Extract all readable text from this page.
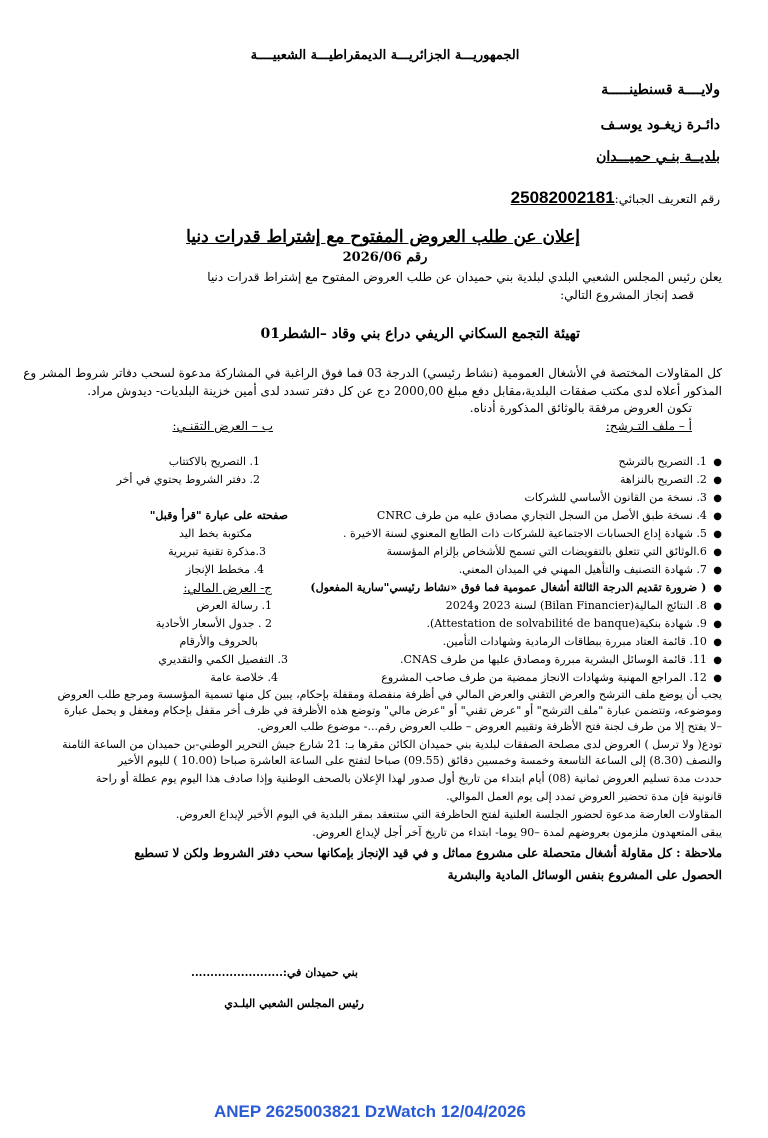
الجمهوريـــة الجزائريـــة الديمقراطيـــة الشعبيــــة
ولايــــة قسنطينـــــة
دائـرة زيغـود يوسـف
بلديــة بنـي حميـــدان
رقم التعريف الجبائي:25082002181
إعلان عن طلب العروض المفتوح مع إشتراط قدرات دنيا
رقم 2026/06
يعلن رئيس المجلس الشعبي البلدي لبلدية بني حميدان عن طلب العروض المفتوح مع إشتراط قدرات دنيا
قصد إنجاز المشروع التالي:
تهيئة التجمع السكاني الريفي دراع بني وقاد –الشطر01
كل المقاولات المختصة في الأشغال العمومية (نشاط رئيسي) الدرجة 03 فما فوق الراغبة في المشاركة مدعوة لسحب دفاتر شروط المشر وع
المذكور أعلاه لدى مكتب صفقات البلدية،مقابل دفع مبلغ 2000,00 دج عن كل دفتر تسدد لدى أمين خزينة البلديات- ديدوش مراد.
تكون العروض مرفقة بالوثائق المذكورة أدناه.
أ – ملف التـرشح:
ب – العرض التقنـي:
●  1. التصريح بالترشح
●  2. التصريح بالنزاهة
●  3. نسخة من القانون الأساسي للشركات
●  4. نسخة طبق الأصل من السجل التجاري مصادق عليه من طرف CNRC
●  5. شهادة إداع الحسابات الاجتماعية للشركات ذات الطابع المعنوي لسنة الاخيرة .
●  6.الوثائق التي تتعلق بالتفويضات التي تسمح للأشخاص بإلزام المؤسسة
●  7. شهادة التصنيف والتأهيل المهني في الميدان المعني.
●  ( ضرورة تقديم الدرجة الثالثة أشغال عمومية فما فوق «نشاط رئيسي"سارية المفعول)
●  8. النتائج المالية(Bilan Financier) لسنة 2023 و2024
●  9. شهادة بنكية(Attestation de solvabilité de banque).
●  10. قائمة العتاد مبررة ببطاقات الرمادية وشهادات التأمين.
●  11. قائمة الوسائل البشرية مبررة ومصادق عليها من طرف CNAS.
●  12. المراجع المهنية وشهادات الانجاز ممضية من طرف صاحب المشروع
1. التصريح بالاكتتاب
2. دفتر الشروط يحتوي في أخر
صفحته على عبارة "قرأ وقبل"
مكتوبة بخط اليد
3.مذكرة تقنية تبريرية
4. مخطط الإنجاز
ج- العرض المالي:
1. رسالة العرض
2 . جدول الأسعار الأحادية
بالحروف والأرقام
3. التفصيل الكمي والتقديري
4. خلاصة عامة
يجب أن يوضع ملف الترشح والعرض التقني والعرض المالي في أظرفة منفصلة ومقفلة بإحكام، يبين كل منها تسمية المؤسسة ومرجع طلب العروض
وموضوعه، وتتضمن عبارة "ملف الترشح" أو "عرض تقني" أو "عرض مالي" وتوضع هذه الأظرفة في ظرف أخر مقفل بإحكام ومغفل و يحمل عبارة
–لا يفتح إلا من طرف لجنة فتح الأظرفة وتقييم العروض – طلب العروض رقم...- موضوع طلب العروض.
تودع( ولا ترسل ) العروض لدى مصلحة الصفقات لبلدية بني حميدان الكائن مقرها بـ: 21 شارع جيش التحرير الوطني-بن حميدان من الساعة الثامنة
والنصف (8.30) إلى الساعة التاسعة وخمسة وخمسين دقائق (09.55) صباحا لتفتح على الساعة العاشرة صباحا (10.00 ) لليوم الأخير
حددت مدة تسليم العروض ثمانية (08) أيام ابتداء من تاريخ أول صدور لهذا الإعلان بالصحف الوطنية وإذا صادف هذا اليوم يوم عطلة أو راحة
قانونية فإن مدة تحضير العروض تمدد إلى يوم العمل الموالي.
المقاولات العارضة مدعوة لحضور الجلسة العلنية لفتح الحاظرفة التي ستنعقد بمقر البلدية في اليوم الأخير لإيداع العروض.
يبقى المتعهدون ملزمون بعروضهم لمدة –90 يوما- ابتداء من تاريخ آخر أجل لإيداع العروض.
ملاحظة : كل مقاولة أشغال متحصلة على مشروع مماثل و في قيد الإنجاز بإمكانها سحب دفتر الشروط ولكن لا تسطيع
الحصول على المشروع بنفس الوسائل المادية والبشرية
بني حميدان في:........................
رئيس المجلس الشعبي البلـدي
ANEP 2625003821 DzWatch 12/04/2026
